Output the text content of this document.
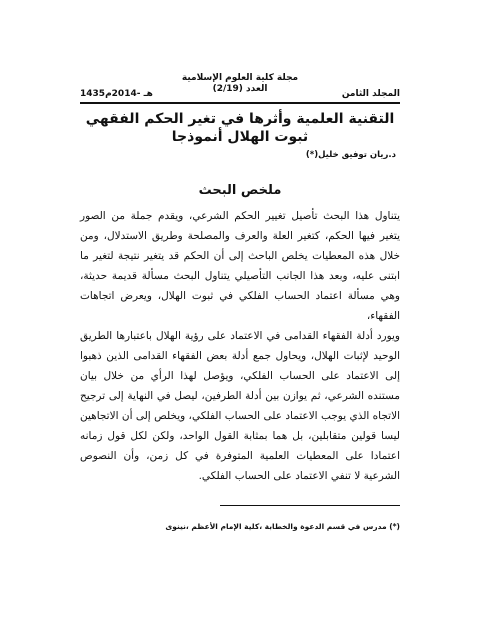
مجلة كلية العلوم الإسلامية
العدد (2/19)
1435هـ -2014م	المجلد الثامن
التقنية العلمية وأثرها في تغير الحكم الفقهي ثبوت الهلال أنموذجا
د.ريان توفيق خليل(*)
ملخص البحث

يتناول هذا البحث تأصيل تغيير الحكم الشرعي، ويقدم جملة من الصور يتغير فيها الحكم، كتغير العلة والعرف والمصلحة وطريق الاستدلال، ومن خلال هذه المعطيات يخلص الباحث إلى أن الحكم قد يتغير نتيجة لتغير ما ابتنى عليه، وبعد هذا الجانب التأصيلي يتناول البحث مسألة قديمة حديثة، وهي مسألة اعتماد الحساب الفلكي في ثبوت الهلال، ويعرض اتجاهات الفقهاء،

ويورد أدلة الفقهاء القدامى في الاعتماد على رؤية الهلال باعتبارها الطريق الوحيد لإثبات الهلال، ويحاول جمع أدلة بعض الفقهاء القدامى الذين ذهبوا إلى الاعتماد على الحساب الفلكي، ويؤصل لهذا الرأي من خلال بيان مستنده الشرعي، ثم يوازن بين أدلة الطرفين، ليصل في النهاية إلى ترجيح الاتجاه الذي يوجب الاعتماد على الحساب الفلكي، ويخلص إلى أن الاتجاهين ليسا قولين متقابلين، بل هما بمثابة القول الواحد، ولكن لكل قول زمانه اعتمادا على المعطيات العلمية المتوفرة في كل زمن، وأن النصوص الشرعية لا تنفي الاعتماد على الحساب الفلكي.

(*) مدرس في قسم الدعوة والخطابة ،كلية الإمام الأعظم ،نينوى
